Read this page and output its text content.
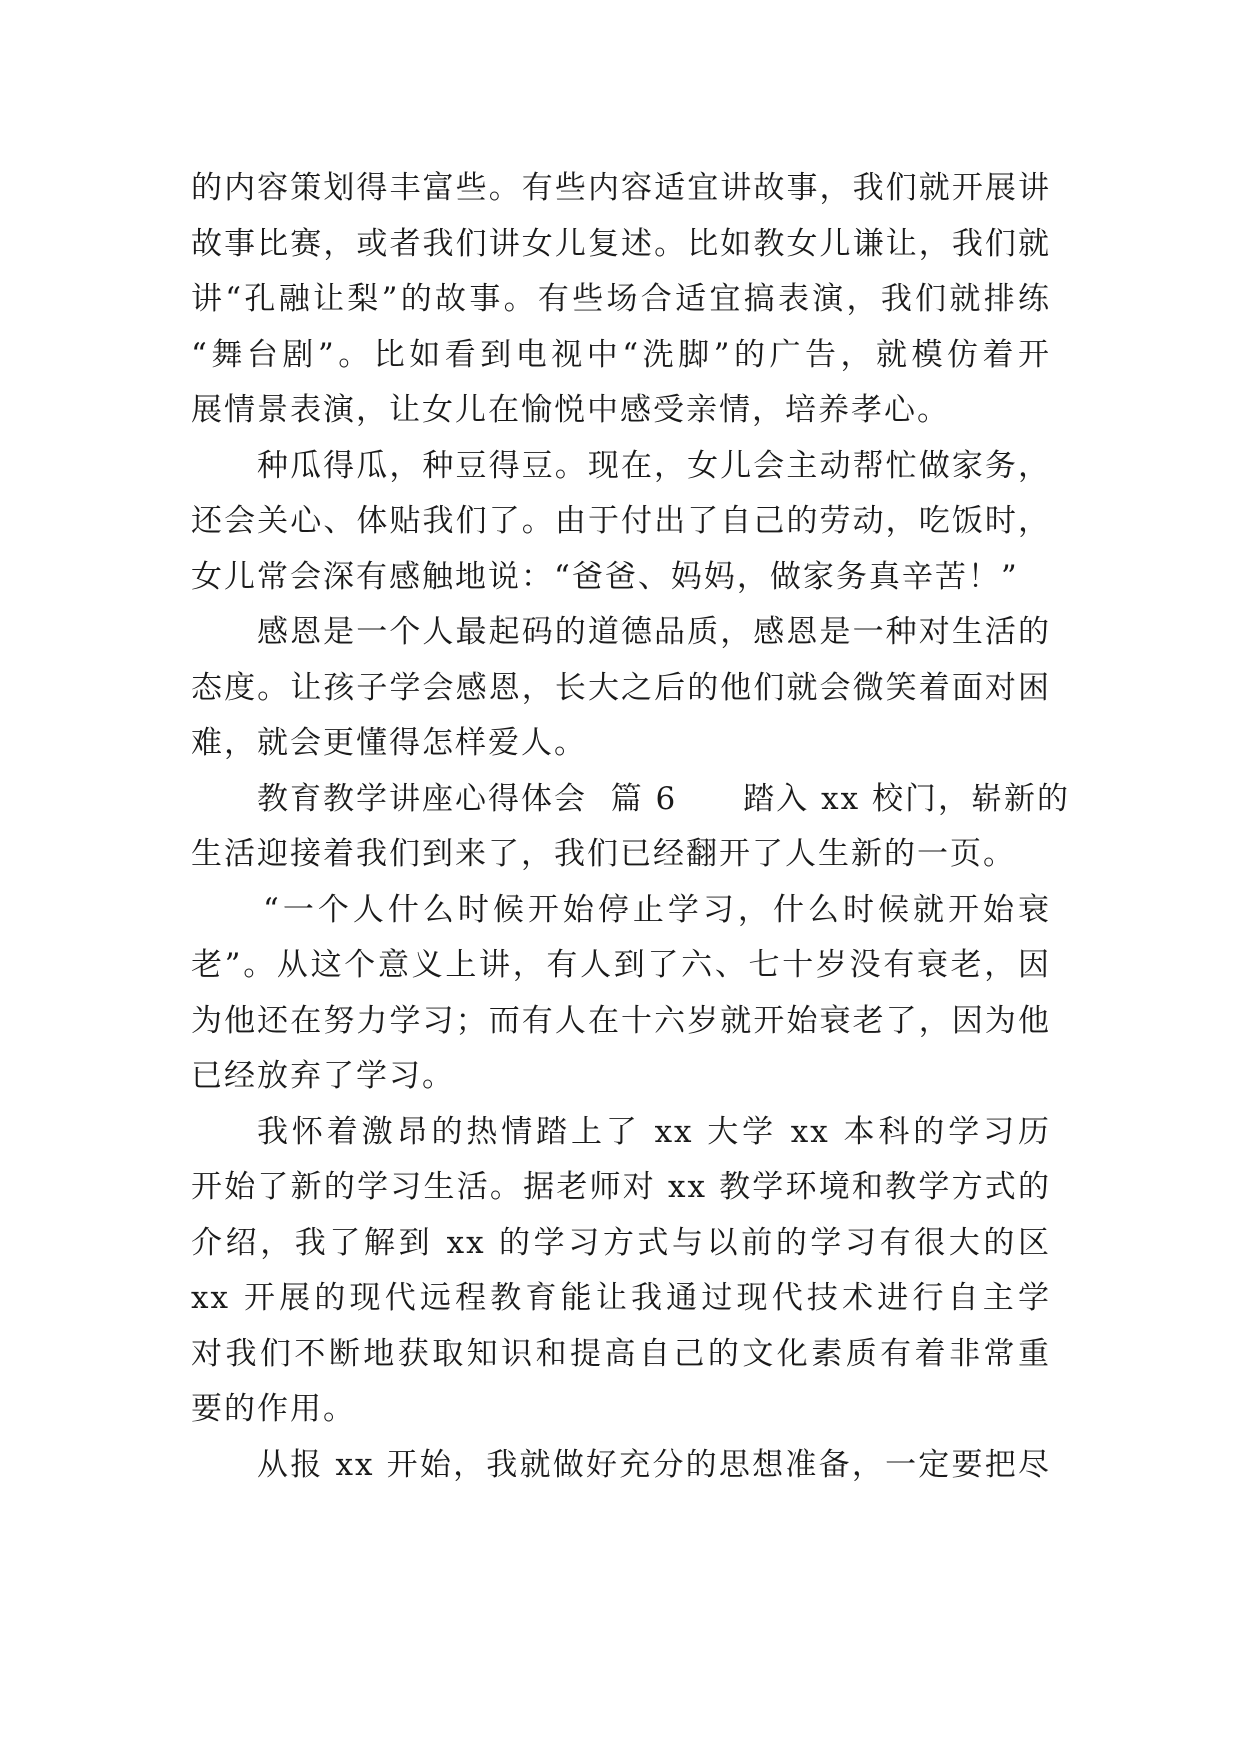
的内容策划得丰富些。有些内容适宜讲故事，我们就开展讲
故事比赛，或者我们讲女儿复述。比如教女儿谦让，我们就
讲“孔融让梨”的故事。有些场合适宜搞表演，我们就排练
“舞台剧”。比如看到电视中“洗脚”的广告，就模仿着开
展情景表演，让女儿在愉悦中感受亲情，培养孝心。
种瓜得瓜，种豆得豆。现在，女儿会主动帮忙做家务，
还会关心、体贴我们了。由于付出了自己的劳动，吃饭时，
女儿常会深有感触地说：“爸爸、妈妈，做家务真辛苦！”
感恩是一个人最起码的道德品质，感恩是一种对生活的
态度。让孩子学会感恩，长大之后的他们就会微笑着面对困
难，就会更懂得怎样爱人。
教育教学讲座心得体会  篇 6 踏入 xx 校门，崭新的
生活迎接着我们到来了，我们已经翻开了人生新的一页。
“一个人什么时候开始停止学习，什么时候就开始衰
老”。从这个意义上讲，有人到了六、七十岁没有衰老，因
为他还在努力学习；而有人在十六岁就开始衰老了，因为他
已经放弃了学习。
我怀着激昂的热情踏上了 xx 大学 xx 本科的学习历
开始了新的学习生活。据老师对 xx 教学环境和教学方式的
介绍，我了解到 xx 的学习方式与以前的学习有很大的区
xx 开展的现代远程教育能让我通过现代技术进行自主学
对我们不断地获取知识和提高自己的文化素质有着非常重
要的作用。
从报 xx 开始，我就做好充分的思想准备，一定要把尽
